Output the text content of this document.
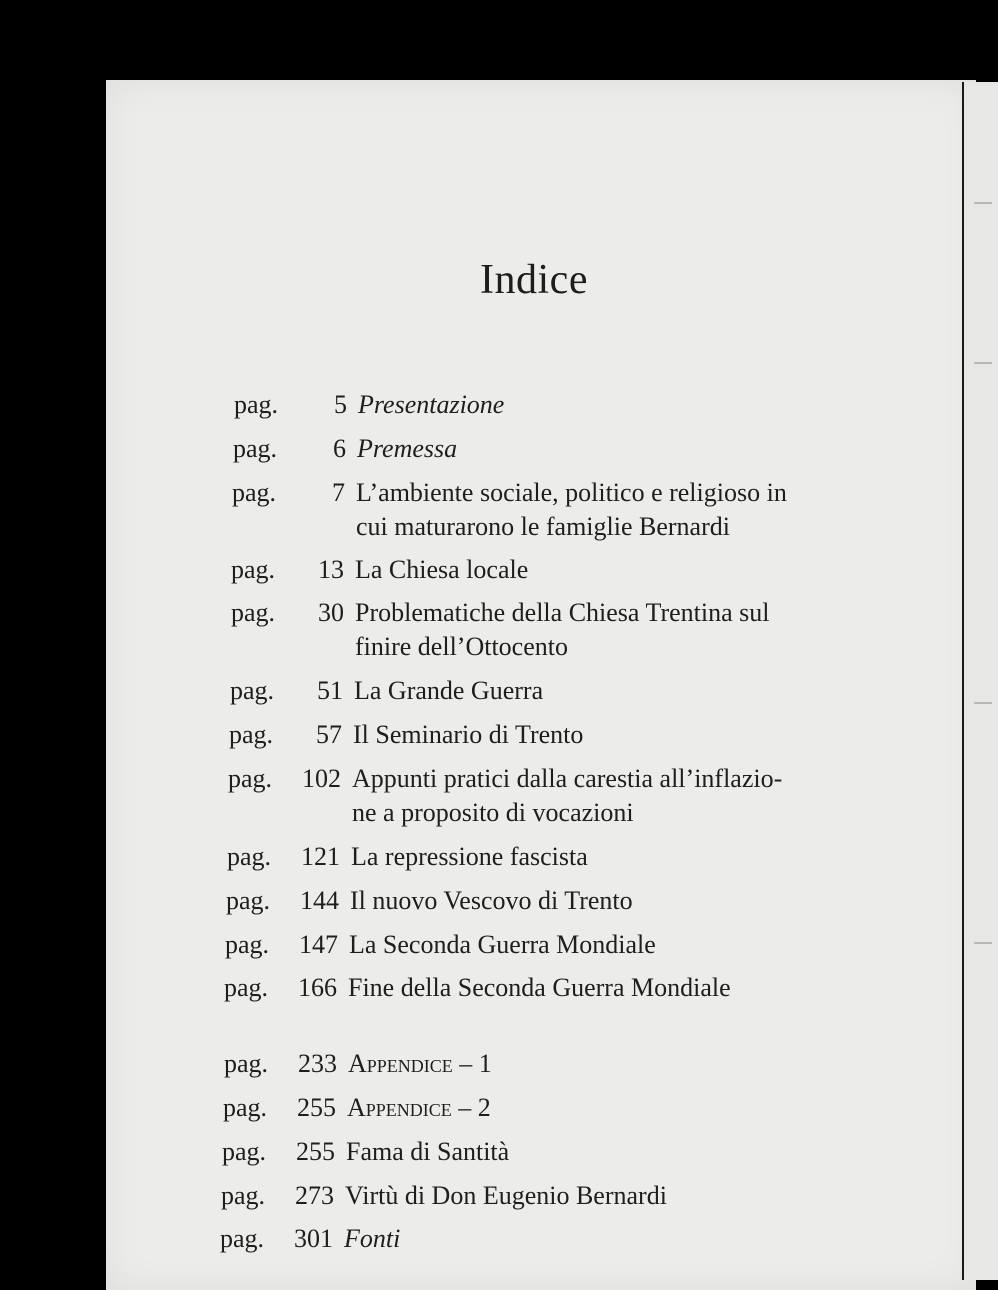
Indice
pag.	5 Presentazione
pag.	6 Premessa
pag.	7 L’ambiente sociale, politico e religioso in
cui maturarono le famiglie Bernardi
pag.	13 La Chiesa locale
pag.	30 Problematiche della Chiesa Trentina sul
finire dell’Ottocento
pag.	51 La Grande Guerra
pag.	57 Il Seminario di Trento
pag.	102 Appunti pratici dalla carestia all’inflazio-
ne a proposito di vocazioni
pag.	121 La repressione fascista
pag.	144 Il nuovo Vescovo di Trento
pag.	147 La Seconda Guerra Mondiale
pag.	166 Fine della Seconda Guerra Mondiale
pag.	233 Appendice – 1
pag.	255 Appendice – 2
pag.	255 Fama di Santità
pag.	273 Virtù di Don Eugenio Bernardi
pag.	301 Fonti
